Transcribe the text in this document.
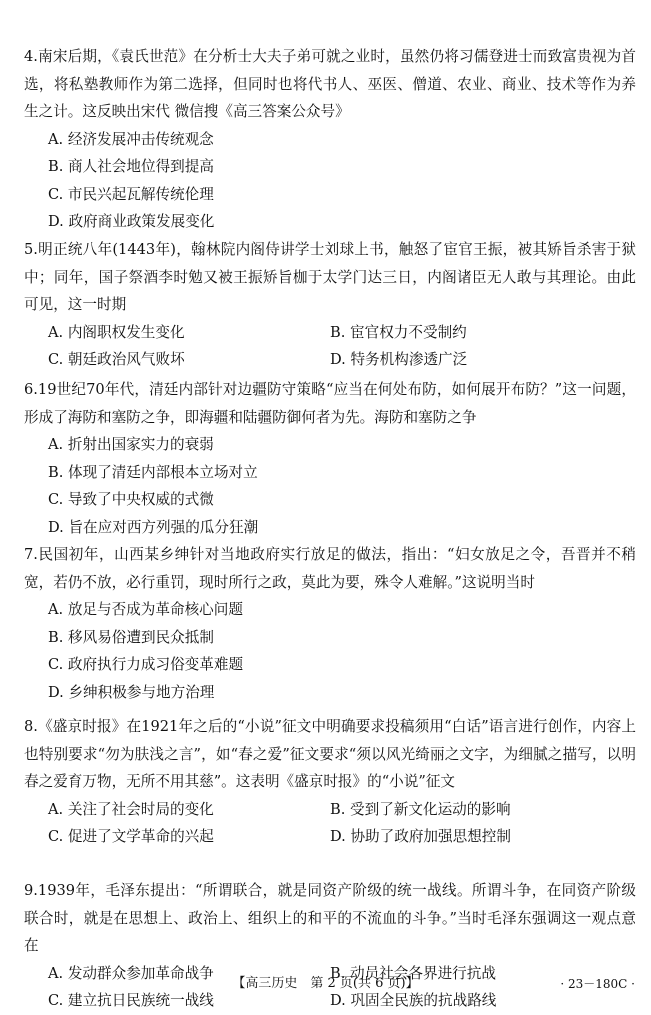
4.南宋后期，《袁氏世范》在分析士大夫子弟可就之业时，虽然仍将习儒登进士而致富贵视为首选，将私塾教师作为第二选择，但同时也将代书人、巫医、僧道、农业、商业、技术等作为养生之计。这反映出宋代 微信搜《高三答案公众号》

A. 经济发展冲击传统观念
B. 商人社会地位得到提高
C. 市民兴起瓦解传统伦理
D. 政府商业政策发展变化

5.明正统八年(1443年)，翰林院内阁侍讲学士刘球上书，触怒了宦官王振，被其矫旨杀害于狱中；同年，国子祭酒李时勉又被王振矫旨枷于太学门达三日，内阁诸臣无人敢与其理论。由此可见，这一时期

A. 内阁职权发生变化	B. 宦官权力不受制约
C. 朝廷政治风气败坏	D. 特务机构渗透广泛

6.19世纪70年代，清廷内部针对边疆防守策略“应当在何处布防，如何展开布防？”这一问题，形成了海防和塞防之争，即海疆和陆疆防御何者为先。海防和塞防之争

A. 折射出国家实力的衰弱
B. 体现了清廷内部根本立场对立
C. 导致了中央权威的式微
D. 旨在应对西方列强的瓜分狂潮

7.民国初年，山西某乡绅针对当地政府实行放足的做法，指出：“妇女放足之令，吾晋并不稍宽，若仍不放，必行重罚，现时所行之政，莫此为要，殊令人难解。”这说明当时

A. 放足与否成为革命核心问题
B. 移风易俗遭到民众抵制
C. 政府执行力成习俗变革难题
D. 乡绅积极参与地方治理

8.《盛京时报》在1921年之后的“小说”征文中明确要求投稿须用“白话”语言进行创作，内容上也特别要求“勿为肤浅之言”，如“春之爱”征文要求“须以风光绮丽之文字，为细腻之描写，以明春之爱育万物，无所不用其慈”。这表明《盛京时报》的“小说”征文

A. 关注了社会时局的变化	B. 受到了新文化运动的影响
C. 促进了文学革命的兴起	D. 协助了政府加强思想控制

9.1939年，毛泽东提出：“所谓联合，就是同资产阶级的统一战线。所谓斗争，在同资产阶级联合时，就是在思想上、政治上、组织上的和平的不流血的斗争。”当时毛泽东强调这一观点意在

A. 发动群众参加革命战争	B. 动员社会各界进行抗战
C. 建立抗日民族统一战线	D. 巩固全民族的抗战路线
【高三历史　第 2 页(共 6 页)】	· 23－180C ·
